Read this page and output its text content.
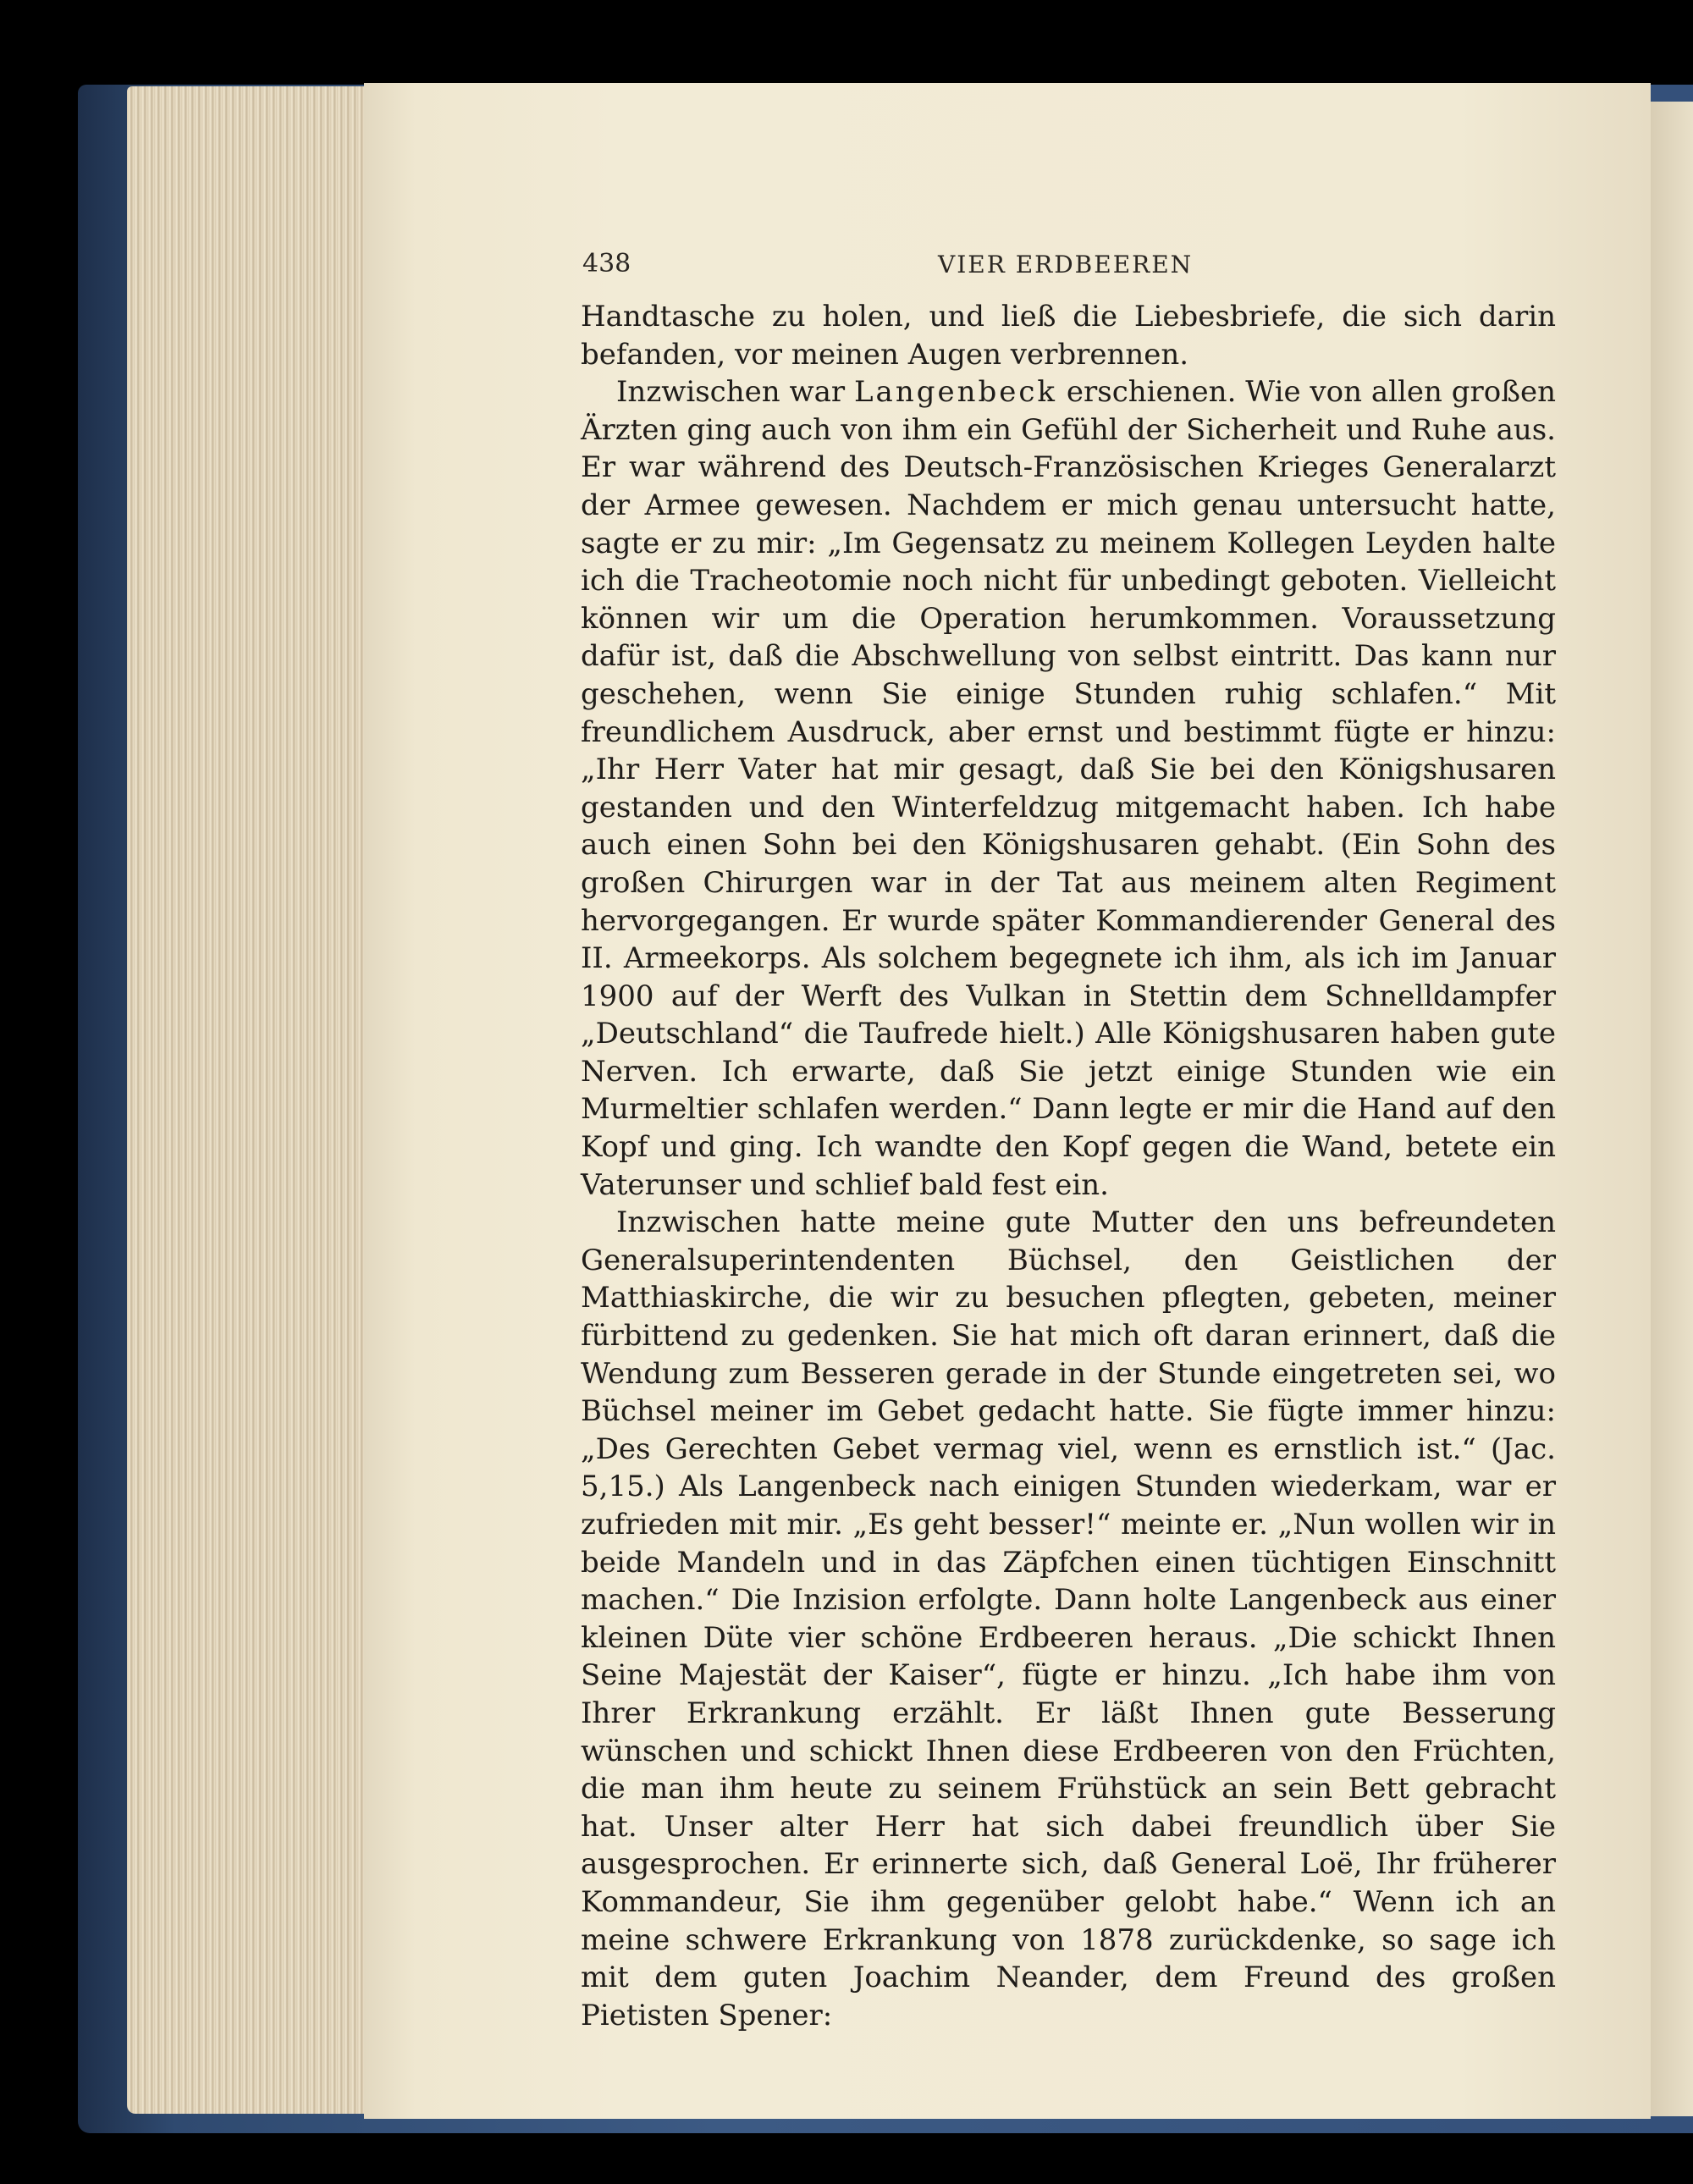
438	VIER ERDBEEREN

Handtasche zu holen, und ließ die Liebesbriefe, die sich darin befanden, vor meinen Augen verbrennen.

Inzwischen war Langenbeck erschienen. Wie von allen großen Ärzten ging auch von ihm ein Gefühl der Sicherheit und Ruhe aus. Er war während des Deutsch-Französischen Krieges Generalarzt der Armee gewesen. Nachdem er mich genau untersucht hatte, sagte er zu mir: „Im Gegensatz zu meinem Kollegen Leyden halte ich die Tracheotomie noch nicht für unbedingt geboten. Vielleicht können wir um die Operation herumkommen. Voraussetzung dafür ist, daß die Abschwellung von selbst eintritt. Das kann nur geschehen, wenn Sie einige Stunden ruhig schlafen.“ Mit freundlichem Ausdruck, aber ernst und bestimmt fügte er hinzu: „Ihr Herr Vater hat mir gesagt, daß Sie bei den Königshusaren gestanden und den Winterfeldzug mitgemacht haben. Ich habe auch einen Sohn bei den Königshusaren gehabt. (Ein Sohn des großen Chirurgen war in der Tat aus meinem alten Regiment hervorgegangen. Er wurde später Kommandierender General des II. Armeekorps. Als solchem begegnete ich ihm, als ich im Januar 1900 auf der Werft des Vulkan in Stettin dem Schnelldampfer „Deutschland“ die Taufrede hielt.) Alle Königshusaren haben gute Nerven. Ich erwarte, daß Sie jetzt einige Stunden wie ein Murmeltier schlafen werden.“ Dann legte er mir die Hand auf den Kopf und ging. Ich wandte den Kopf gegen die Wand, betete ein Vaterunser und schlief bald fest ein.

Inzwischen hatte meine gute Mutter den uns befreundeten Generalsuperintendenten Büchsel, den Geistlichen der Matthiaskirche, die wir zu besuchen pflegten, gebeten, meiner fürbittend zu gedenken. Sie hat mich oft daran erinnert, daß die Wendung zum Besseren gerade in der Stunde eingetreten sei, wo Büchsel meiner im Gebet gedacht hatte. Sie fügte immer hinzu: „Des Gerechten Gebet vermag viel, wenn es ernstlich ist.“ (Jac. 5,15.) Als Langenbeck nach einigen Stunden wiederkam, war er zufrieden mit mir. „Es geht besser!“ meinte er. „Nun wollen wir in beide Mandeln und in das Zäpfchen einen tüchtigen Einschnitt machen.“ Die Inzision erfolgte. Dann holte Langenbeck aus einer kleinen Düte vier schöne Erdbeeren heraus. „Die schickt Ihnen Seine Majestät der Kaiser“, fügte er hinzu. „Ich habe ihm von Ihrer Erkrankung erzählt. Er läßt Ihnen gute Besserung wünschen und schickt Ihnen diese Erdbeeren von den Früchten, die man ihm heute zu seinem Frühstück an sein Bett gebracht hat. Unser alter Herr hat sich dabei freundlich über Sie ausgesprochen. Er erinnerte sich, daß General Loë, Ihr früherer Kommandeur, Sie ihm gegenüber gelobt habe.“ Wenn ich an meine schwere Erkrankung von 1878 zurückdenke, so sage ich mit dem guten Joachim Neander, dem Freund des großen Pietisten Spener:
